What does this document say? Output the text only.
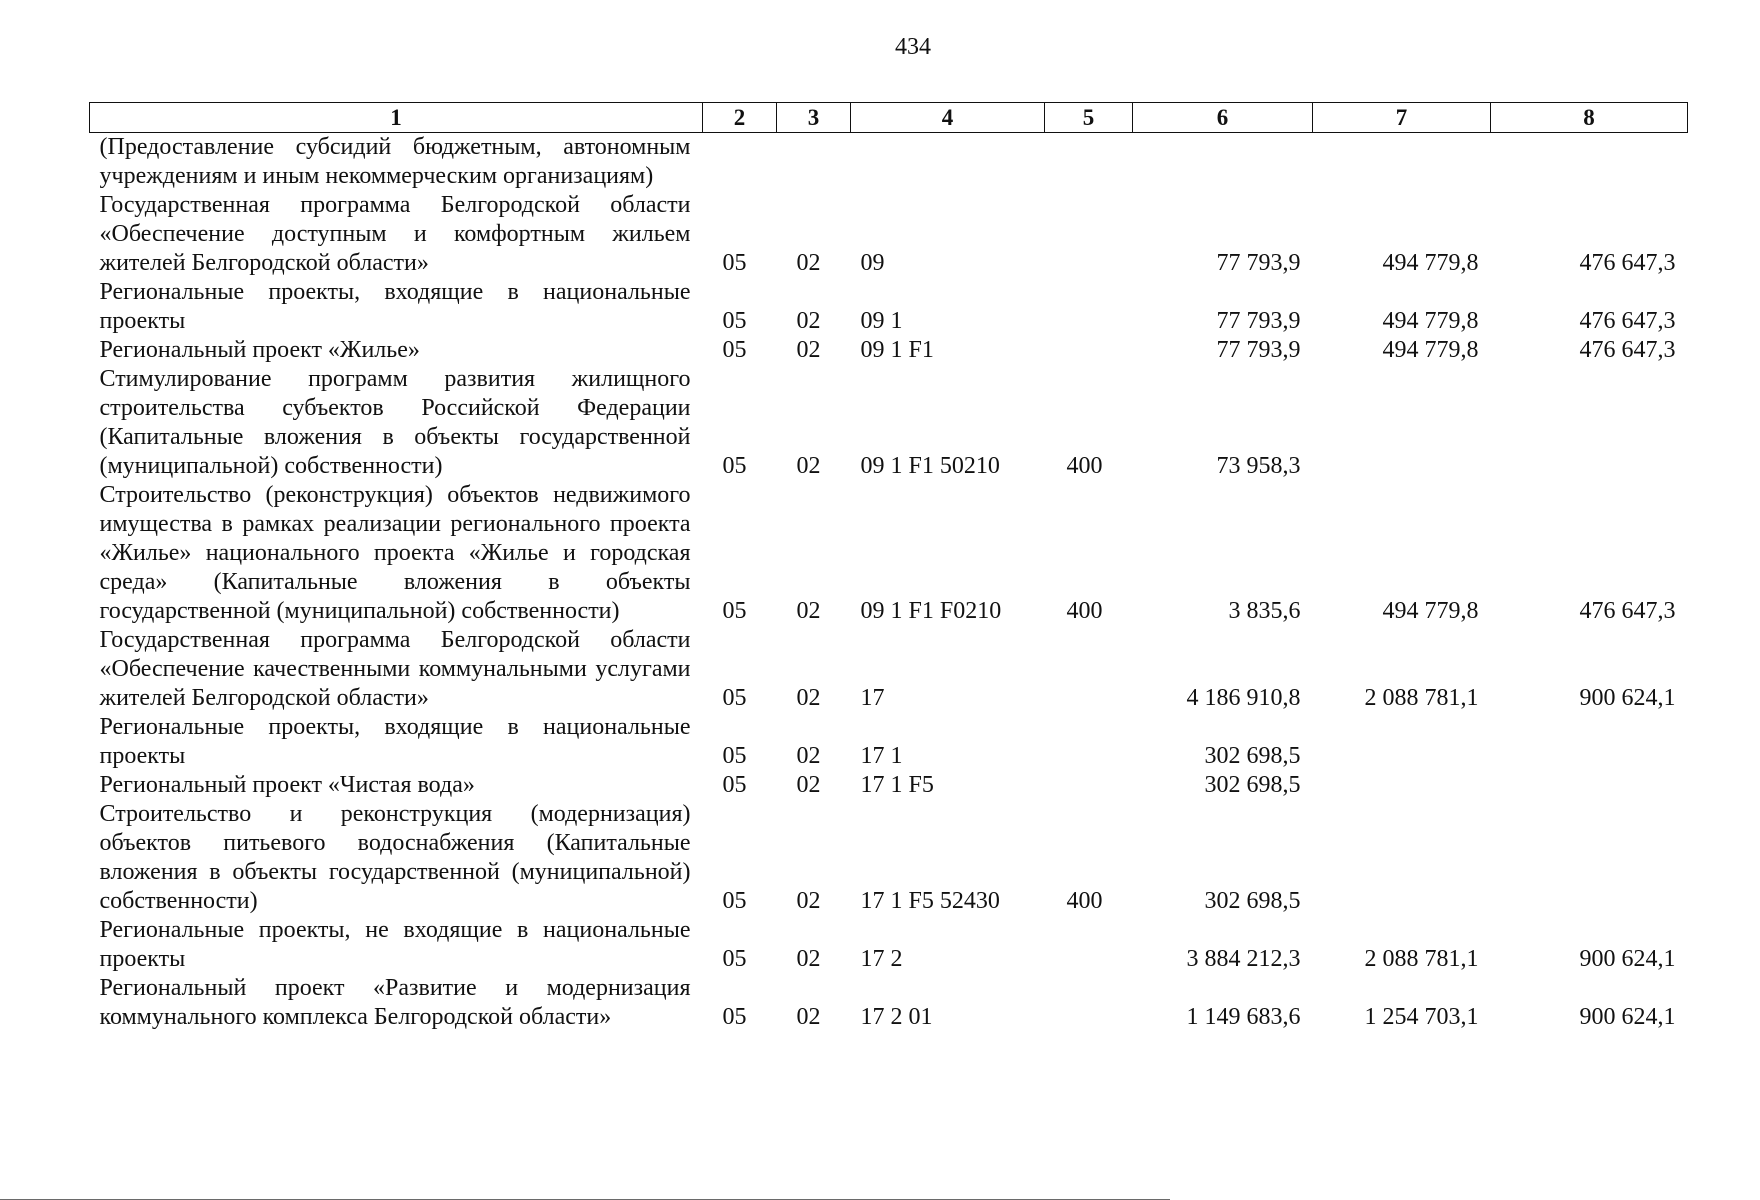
434
1	2	3	4	5	6	7	8
(Предоставление субсидий бюджетным, автономным учреждениям и иным некоммерческим организациям)							
Государственная программа Белгородской области «Обеспечение доступным и комфортным жильем жителей Белгородской области»	05	02	09		77 793,9	494 779,8	476 647,3
Региональные проекты, входящие в национальные проекты	05	02	09 1		77 793,9	494 779,8	476 647,3
Региональный проект «Жилье»	05	02	09 1 F1		77 793,9	494 779,8	476 647,3
Стимулирование программ развития жилищного строительства субъектов Российской Федерации (Капитальные вложения в объекты государственной (муниципальной) собственности)	05	02	09 1 F1 50210	400	73 958,3		
Строительство (реконструкция) объектов недвижимого имущества в рамках реализации регионального проекта «Жилье» национального проекта «Жилье и городская среда» (Капитальные вложения в объекты государственной (муниципальной) собственности)	05	02	09 1 F1 F0210	400	3 835,6	494 779,8	476 647,3
Государственная программа Белгородской области «Обеспечение качественными коммунальными услугами жителей Белгородской области»	05	02	17		4 186 910,8	2 088 781,1	900 624,1
Региональные проекты, входящие в национальные проекты	05	02	17 1		302 698,5		
Региональный проект «Чистая вода»	05	02	17 1 F5		302 698,5		
Строительство и реконструкция (модернизация) объектов питьевого водоснабжения (Капитальные вложения в объекты государственной (муниципальной) собственности)	05	02	17 1 F5 52430	400	302 698,5		
Региональные проекты, не входящие в национальные проекты	05	02	17 2		3 884 212,3	2 088 781,1	900 624,1
Региональный проект «Развитие и модернизация коммунального комплекса Белгородской области»	05	02	17 2 01		1 149 683,6	1 254 703,1	900 624,1
